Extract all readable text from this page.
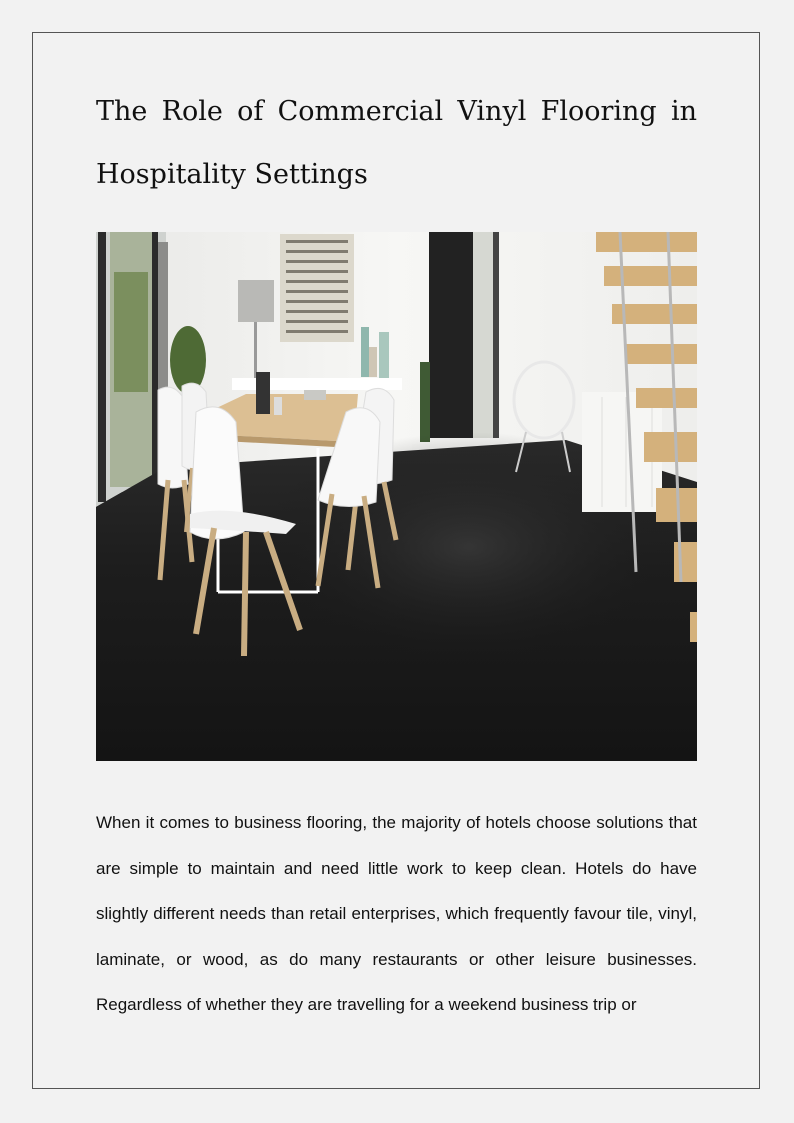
The Role of Commercial Vinyl Flooring in Hospitality Settings

When it comes to business flooring, the majority of hotels choose solutions that are simple to maintain and need little work to keep clean. Hotels do have slightly different needs than retail enterprises, which frequently favour tile, vinyl, laminate, or wood, as do many restaurants or other leisure businesses. Regardless of whether they are travelling for a weekend business trip or
